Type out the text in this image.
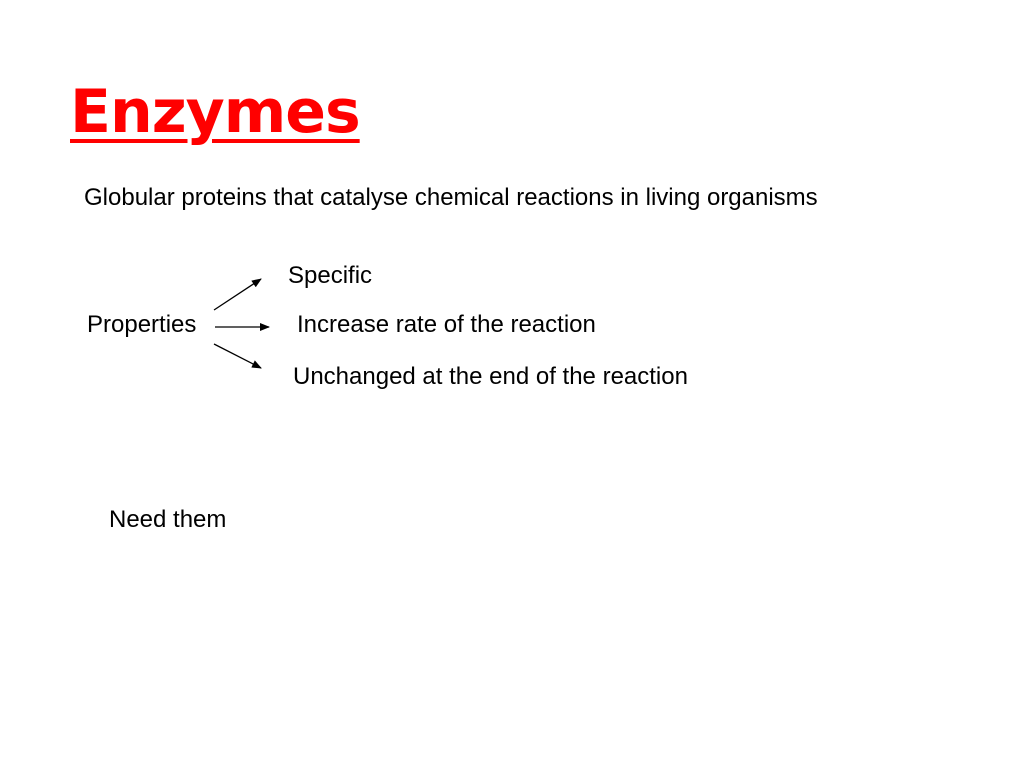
Enzymes
Globular proteins that catalyse chemical reactions in living organisms
Properties
Specific
Increase rate of the reaction
Unchanged at the end of the reaction
Need them
